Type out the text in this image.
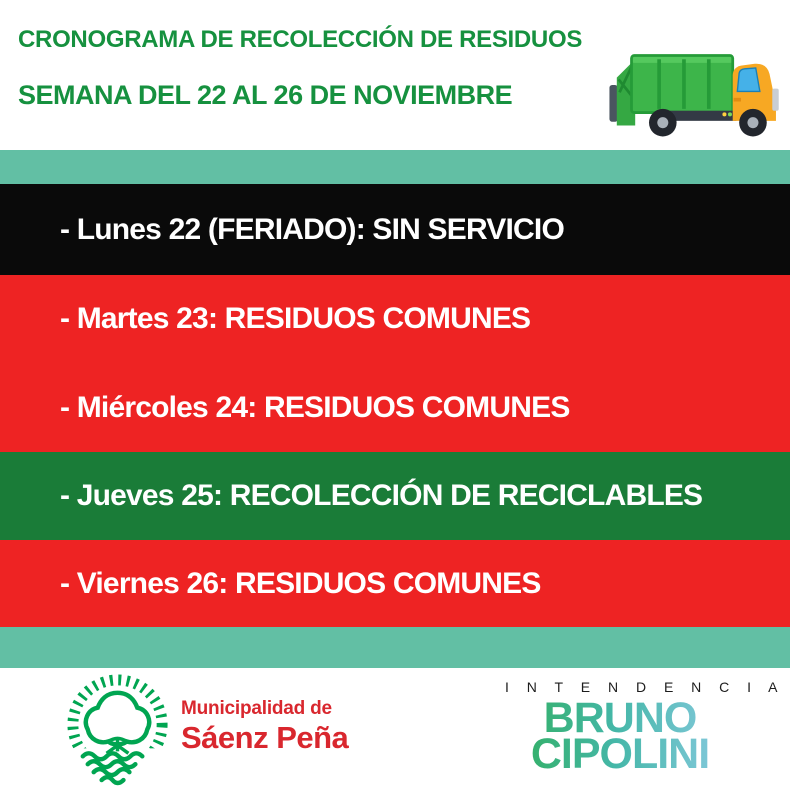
CRONOGRAMA DE RECOLECCIÓN DE RESIDUOS
SEMANA DEL 22 AL 26 DE NOVIEMBRE
- Lunes 22 (FERIADO): SIN SERVICIO
- Martes 23: RESIDUOS COMUNES
- Miércoles 24: RESIDUOS COMUNES
- Jueves 25: RECOLECCIÓN DE RECICLABLES
- Viernes 26: RESIDUOS COMUNES
Municipalidad de
Sáenz Peña
I N T E N D E N C I A
BRUNO
CIPOLINI
